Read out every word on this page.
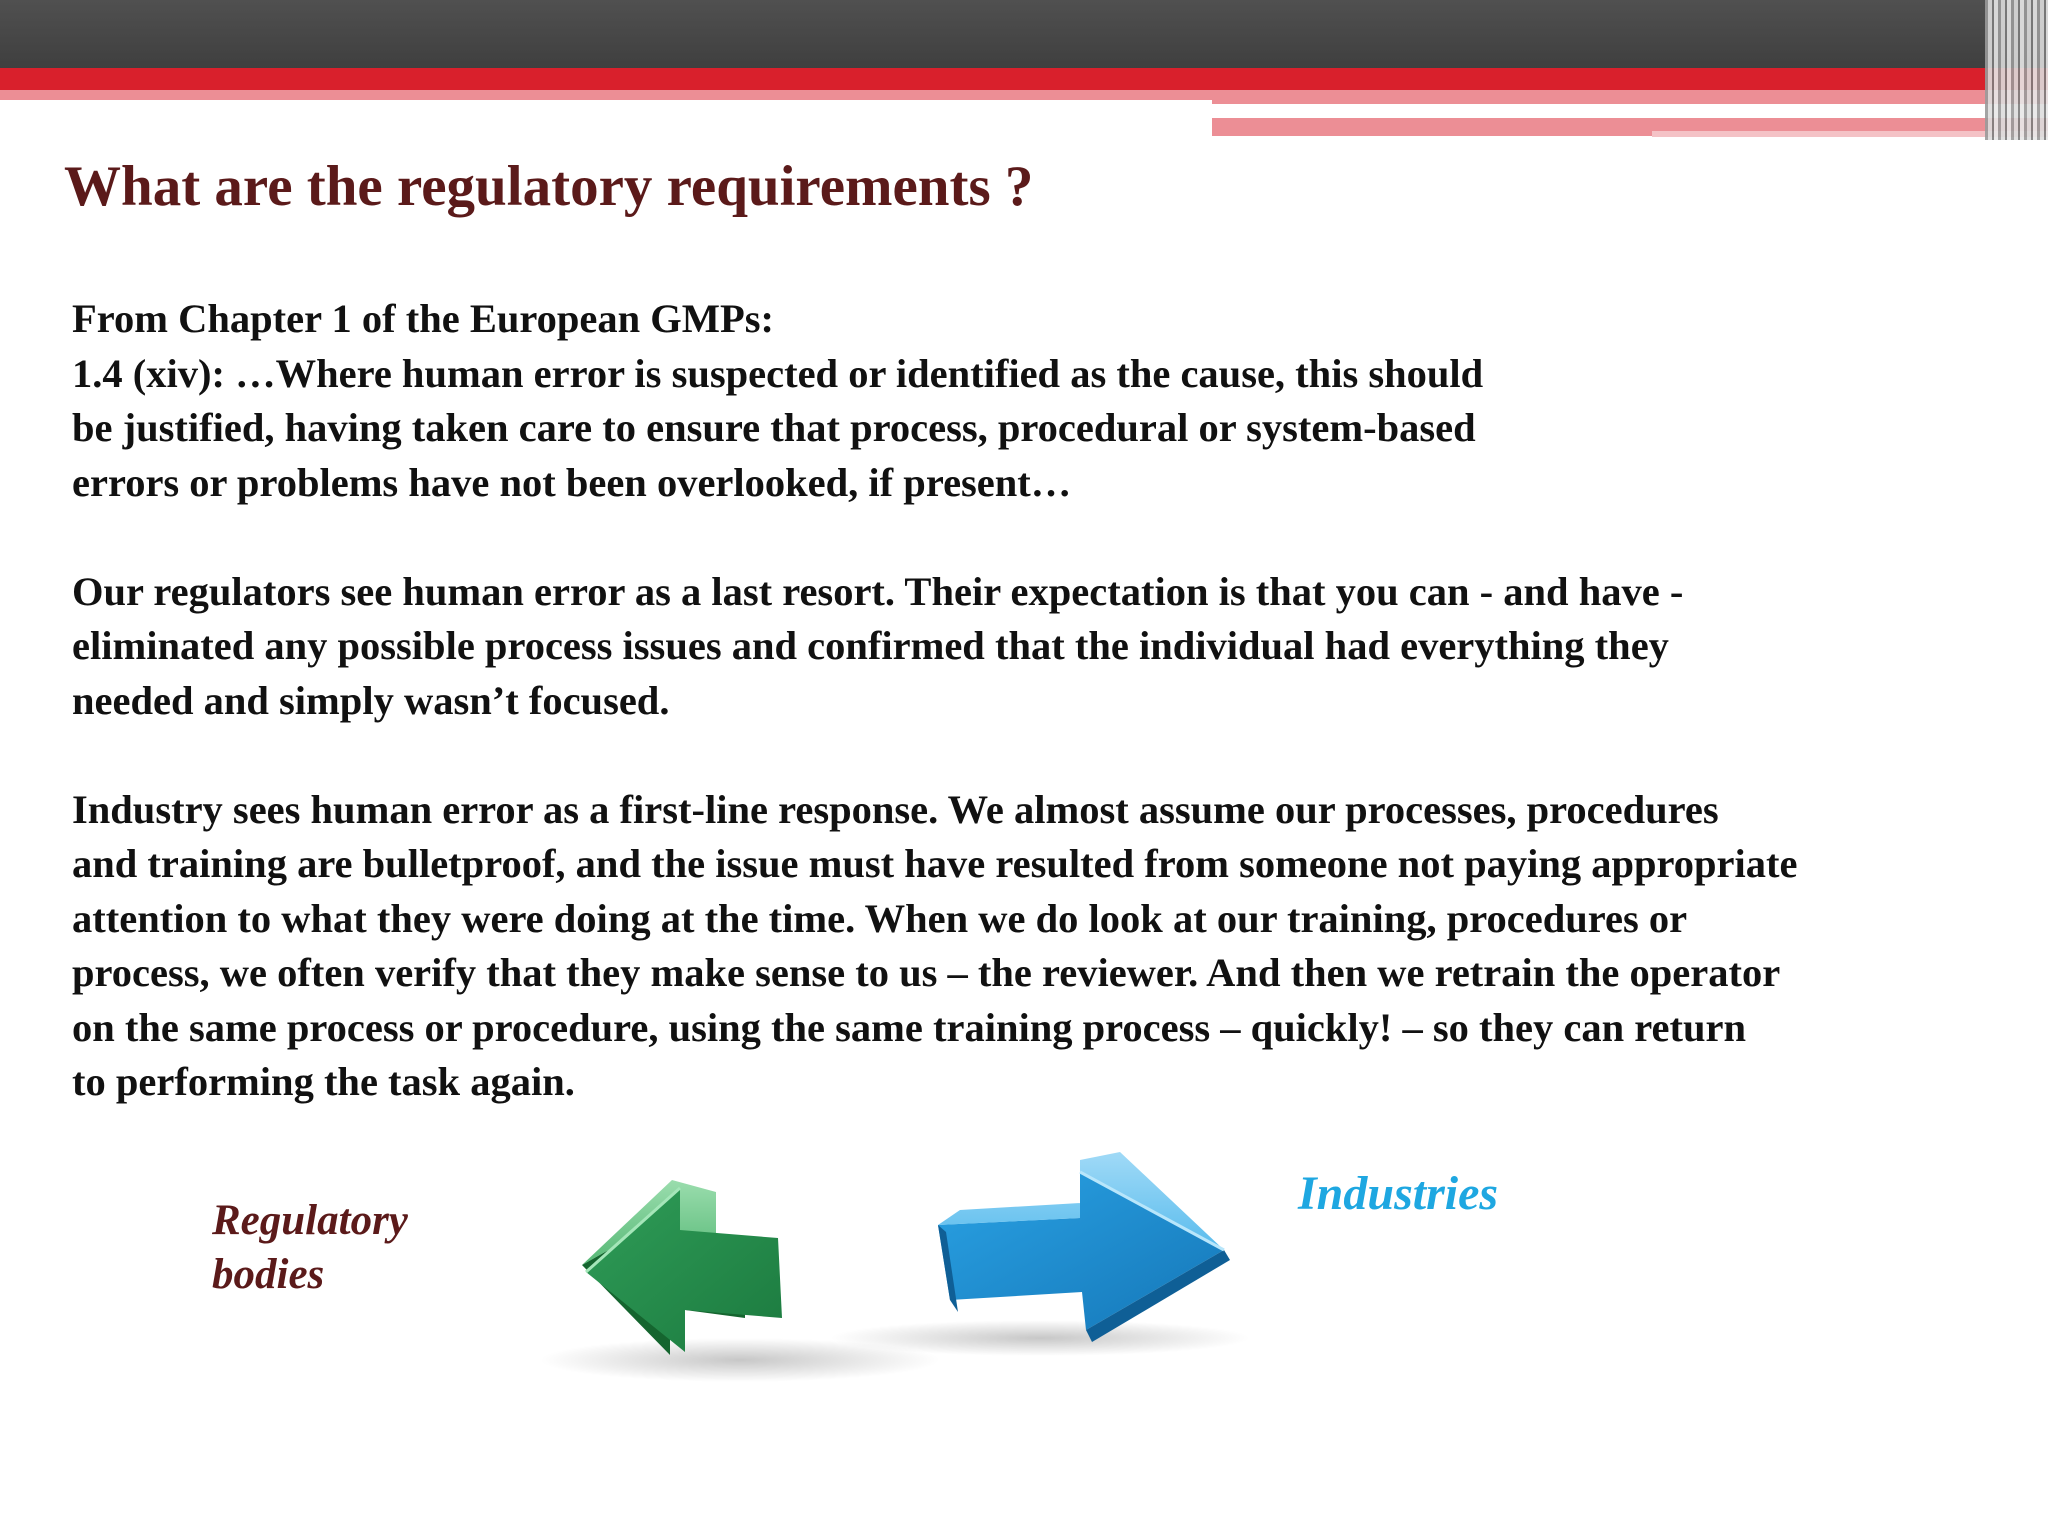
What are the regulatory requirements ?

From Chapter 1 of the European GMPs:
1.4 (xiv): …Where human error is suspected or identified as the cause, this should
be justified, having taken care to ensure that process, procedural or system-based
errors or problems have not been overlooked, if present…

Our regulators see human error as a last resort. Their expectation is that you can - and have -
eliminated any possible process issues and confirmed that the individual had everything they
needed and simply wasn’t focused.

Industry sees human error as a first-line response. We almost assume our processes, procedures
and training are bulletproof, and the issue must have resulted from someone not paying appropriate
attention to what they were doing at the time. When we do look at our training, procedures or
process, we often verify that they make sense to us – the reviewer. And then we retrain the operator
on the same process or procedure, using the same training process – quickly! – so they can return
to performing the task again.

Regulatory
bodies
Industries
